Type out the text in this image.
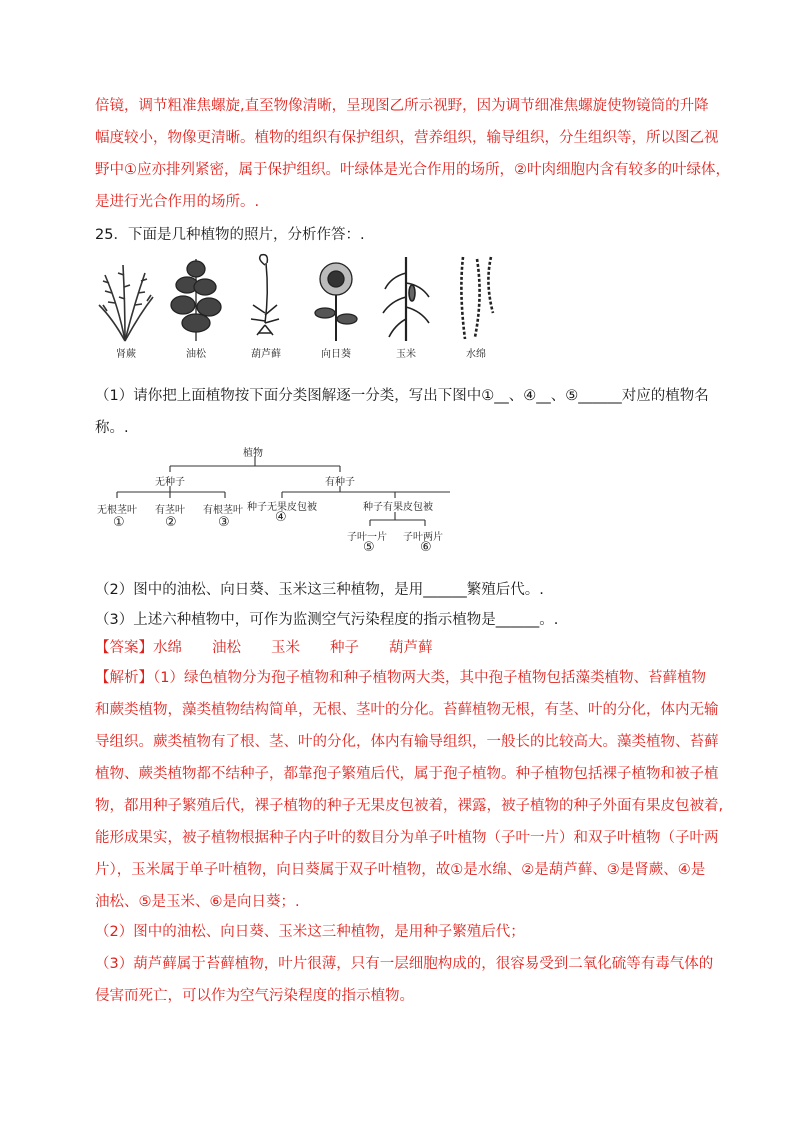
倍镜，调节粗准焦螺旋,直至物像清晰，呈现图乙所示视野，因为调节细准焦螺旋使物镜筒的升降
幅度较小，物像更清晰。植物的组织有保护组织，营养组织，输导组织，分生组织等，所以图乙视
野中①应亦排列紧密，属于保护组织。叶绿体是光合作用的场所，②叶肉细胞内含有较多的叶绿体，
是进行光合作用的场所。.
25．下面是几种植物的照片，分析作答：.
肾蕨	油松	葫芦藓	向日葵	玉米	水绵
（1）请你把上面植物按下面分类图解逐一分类，写出下图中①__、④__、⑤______对应的植物名
称。.
植物
无种子	有种子
无根茎叶 有茎叶 有根茎叶 种子无果皮包被	种子有果皮包被
①	②	③	④
子叶一片 子叶两片
⑤	⑥
（2）图中的油松、向日葵、玉米这三种植物，是用______繁殖后代。.
（3）上述六种植物中，可作为监测空气污染程度的指示植物是______。.
【答案】水绵 油松 玉米 种子 葫芦藓
【解析】（1）绿色植物分为孢子植物和种子植物两大类，其中孢子植物包括藻类植物、苔藓植物
和蕨类植物，藻类植物结构简单，无根、茎叶的分化。苔藓植物无根，有茎、叶的分化，体内无输
导组织。蕨类植物有了根、茎、叶的分化，体内有输导组织，一般长的比较高大。藻类植物、苔藓
植物、蕨类植物都不结种子，都靠孢子繁殖后代，属于孢子植物。种子植物包括裸子植物和被子植
物，都用种子繁殖后代，裸子植物的种子无果皮包被着，裸露，被子植物的种子外面有果皮包被着,
能形成果实，被子植物根据种子内子叶的数目分为单子叶植物（子叶一片）和双子叶植物（子叶两
片），玉米属于单子叶植物，向日葵属于双子叶植物，故①是水绵、②是葫芦藓、③是肾蕨、④是
油松、⑤是玉米、⑥是向日葵；.
（2）图中的油松、向日葵、玉米这三种植物，是用种子繁殖后代；
（3）葫芦藓属于苔藓植物，叶片很薄，只有一层细胞构成的，很容易受到二氧化硫等有毒气体的
侵害而死亡，可以作为空气污染程度的指示植物。
